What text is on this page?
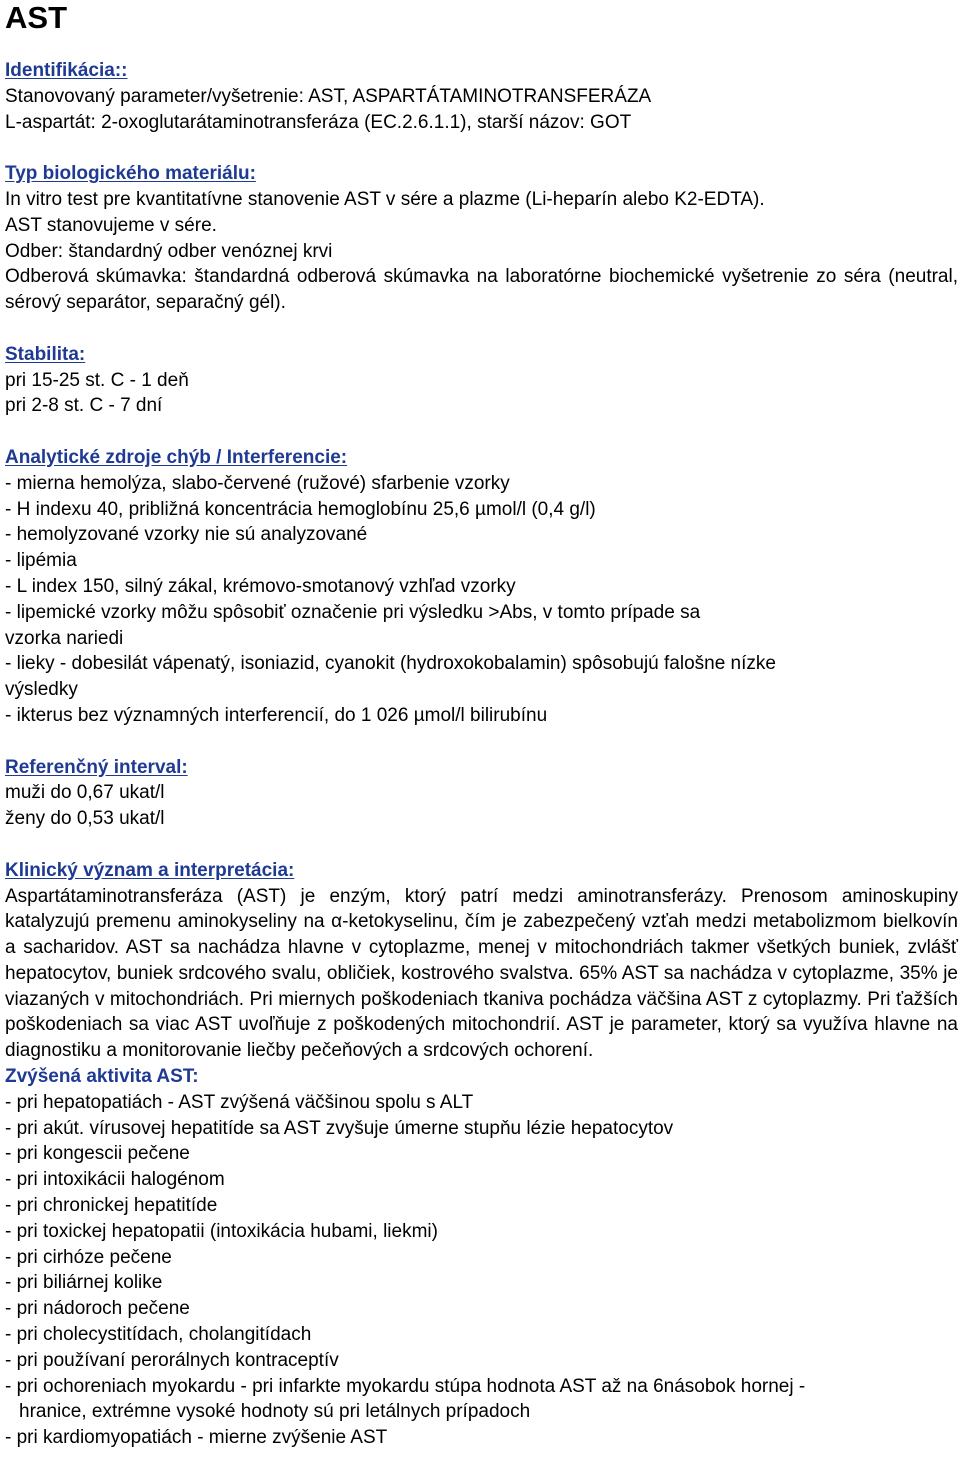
AST

Identifikácia::

Stanovovaný parameter/vyšetrenie: AST, ASPARTÁTAMINOTRANSFERÁZA

L-aspartát: 2-oxoglutarátaminotransferáza (EC.2.6.1.1), starší názov: GOT

Typ biologického materiálu:

In vitro test pre kvantitatívne stanovenie AST v sére a plazme (Li-heparín alebo K2-EDTA).

AST stanovujeme v sére.

Odber: štandardný odber venóznej krvi

Odberová skúmavka: štandardná odberová skúmavka na laboratórne biochemické vyšetrenie zo séra (neutral, sérový separátor, separačný gél).

Stabilita:

pri 15-25 st. C - 1 deň

pri 2-8 st. C - 7 dní

Analytické zdroje chýb / Interferencie:

- mierna hemolýza, slabo-červené (ružové) sfarbenie vzorky

- H indexu 40, približná koncentrácia hemoglobínu 25,6 µmol/l (0,4 g/l)

- hemolyzované vzorky nie sú analyzované

- lipémia

- L index 150, silný zákal, krémovo-smotanový vzhľad vzorky

- lipemické vzorky môžu spôsobiť označenie pri výsledku >Abs, v tomto prípade sa

vzorka nariedi

- lieky - dobesilát vápenatý, isoniazid, cyanokit (hydroxokobalamin) spôsobujú falošne nízke

výsledky

- ikterus bez významných interferencií, do 1 026 µmol/l bilirubínu

Referenčný interval:

muži do 0,67 ukat/l

ženy do 0,53 ukat/l

Klinický význam a interpretácia:

Aspartátaminotransferáza (AST) je enzým, ktorý patrí medzi aminotransferázy. Prenosom aminoskupiny katalyzujú premenu aminokyseliny na α-ketokyselinu, čím je zabezpečený vzťah medzi metabolizmom bielkovín a sacharidov. AST sa nachádza hlavne v cytoplazme, menej v mitochondriách takmer všetkých buniek, zvlášť hepatocytov, buniek srdcového svalu, obličiek, kostrového svalstva. 65% AST sa nachádza v cytoplazme, 35% je viazaných v mitochondriách. Pri miernych poškodeniach tkaniva pochádza väčšina AST z cytoplazmy. Pri ťažších poškodeniach sa viac AST uvoľňuje z poškodených mitochondrií. AST je parameter, ktorý sa využíva hlavne na diagnostiku a monitorovanie liečby pečeňových a srdcových ochorení.

Zvýšená aktivita AST:

- pri hepatopatiách - AST zvýšená väčšinou spolu s ALT

- pri akút. vírusovej hepatitíde sa AST zvyšuje úmerne stupňu lézie hepatocytov

- pri kongescii pečene

- pri intoxikácii halogénom

- pri chronickej hepatitíde

- pri toxickej hepatopatii (intoxikácia hubami, liekmi)

- pri cirhóze pečene

- pri biliárnej kolike

- pri nádoroch pečene

- pri cholecystitídach, cholangitídach

- pri používaní perorálnych kontraceptív

- pri ochoreniach myokardu - pri infarkte myokardu stúpa hodnota AST až na 6násobok hornej -

hranice, extrémne vysoké hodnoty sú pri letálnych prípadoch

- pri kardiomyopatiách - mierne zvýšenie AST
